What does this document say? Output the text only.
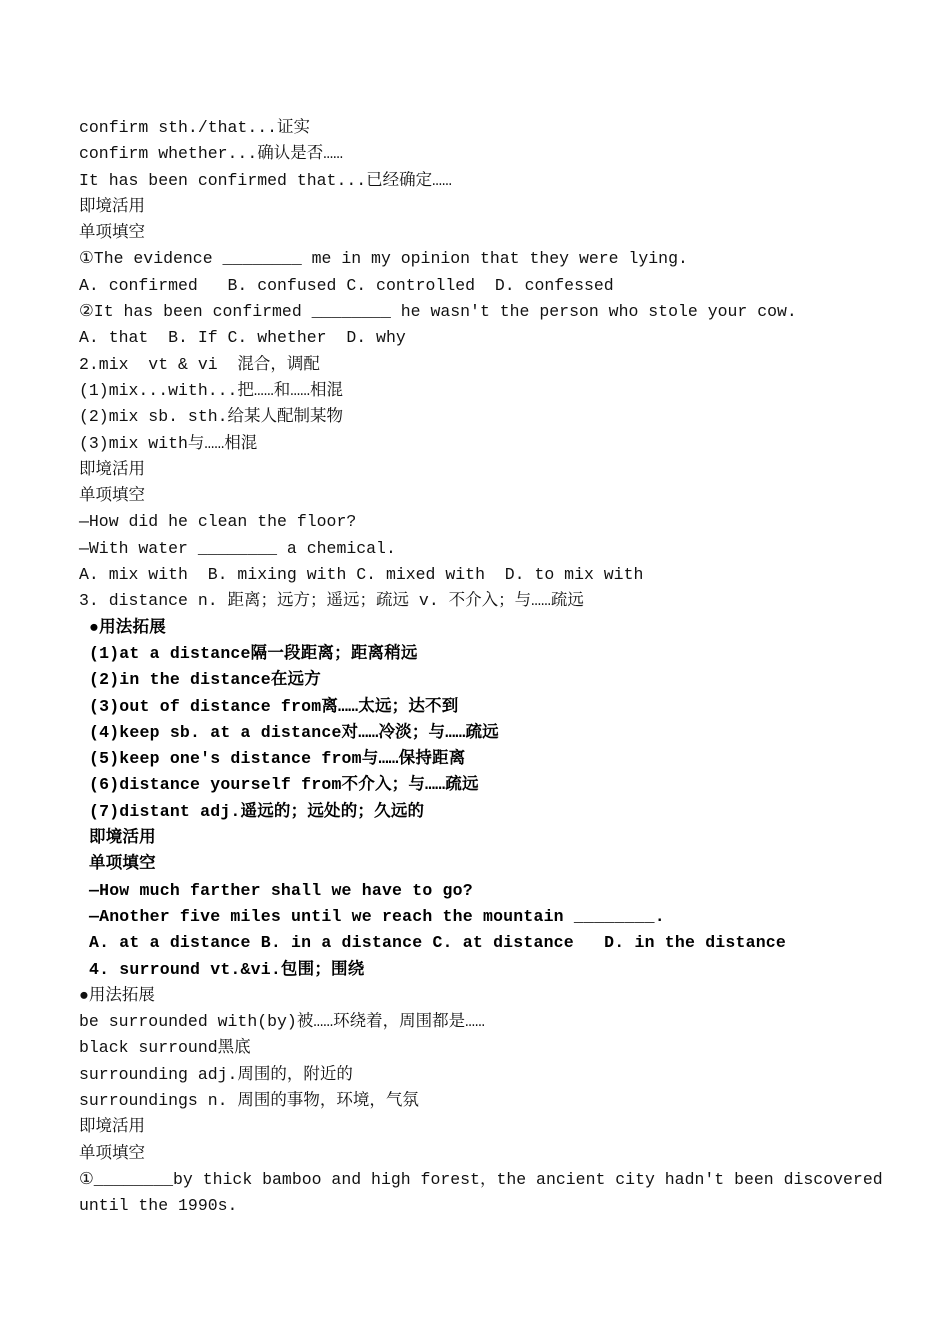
confirm sth./that...证实
confirm whether...确认是否……
It has been confirmed that...已经确定……
即境活用
单项填空
①The evidence ________ me in my opinion that they were lying.
A. confirmed   B. confused C. controlled  D. confessed
②It has been confirmed ________ he wasn't the person who stole your cow.
A. that  B. If C. whether  D. why
2.mix  vt & vi  混合，调配
(1)mix...with...把……和……相混
(2)mix sb. sth.给某人配制某物
(3)mix with与……相混
即境活用
单项填空
—How did he clean the floor?
—With water ________ a chemical.
A. mix with  B. mixing with C. mixed with  D. to mix with
3. distance n. 距离；远方；遥远；疏远 v. 不介入；与……疏远
●用法拓展
(1)at a distance隔一段距离；距离稍远
(2)in the distance在远方
(3)out of distance from离……太远；达不到
(4)keep sb. at a distance对……冷淡；与……疏远
(5)keep one's distance from与……保持距离
(6)distance yourself from不介入；与……疏远
(7)distant adj.遥远的；远处的；久远的
即境活用
单项填空
—How much farther shall we have to go?
—Another five miles until we reach the mountain ________.
A. at a distance B. in a distance C. at distance   D. in the distance
4. surround vt.&vi.包围；围绕
●用法拓展
be surrounded with(by)被……环绕着，周围都是……
black surround黑底
surrounding adj.周围的，附近的
surroundings n. 周围的事物，环境，气氛
即境活用
单项填空
①________by thick bamboo and high forest，the ancient city hadn't been discovered
until the 1990s.
